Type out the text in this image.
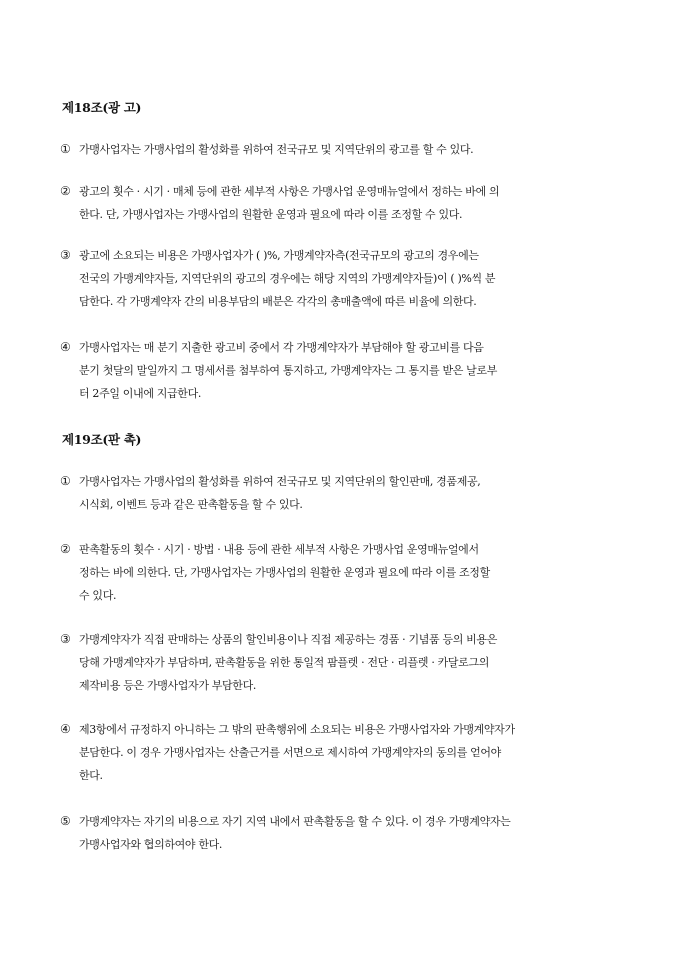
제18조(광 고)
① 가맹사업자는 가맹사업의 활성화를 위하여 전국규모 및 지역단위의 광고를 할 수 있다.
② 광고의 횟수 · 시기 · 매체 등에 관한 세부적 사항은 가맹사업 운영매뉴얼에서 정하는 바에 의
한다. 단, 가맹사업자는 가맹사업의 원활한 운영과 필요에 따라 이를 조정할 수 있다.
③ 광고에 소요되는 비용은 가맹사업자가 ( )%, 가맹계약자측(전국규모의 광고의 경우에는
전국의 가맹계약자들, 지역단위의 광고의 경우에는 해당 지역의 가맹계약자들)이 ( )%씩 분
담한다. 각 가맹계약자 간의 비용부담의 배분은 각각의 총매출액에 따른 비율에 의한다.
④ 가맹사업자는 매 분기 지출한 광고비 중에서 각 가맹계약자가 부담해야 할 광고비를 다음
분기 첫달의 말일까지 그 명세서를 첨부하여 통지하고, 가맹계약자는 그 통지를 받은 날로부
터 2주일 이내에 지급한다.
제19조(판 촉)
① 가맹사업자는 가맹사업의 활성화를 위하여 전국규모 및 지역단위의 할인판매, 경품제공,
시식회, 이벤트 등과 같은 판촉활동을 할 수 있다.
② 판촉활동의 횟수 · 시기 · 방법 · 내용 등에 관한 세부적 사항은 가맹사업 운영매뉴얼에서
정하는 바에 의한다. 단, 가맹사업자는 가맹사업의 원활한 운영과 필요에 따라 이를 조정할
수 있다.
③ 가맹계약자가 직접 판매하는 상품의 할인비용이나 직접 제공하는 경품 · 기념품 등의 비용은
당해 가맹계약자가 부담하며, 판촉활동을 위한 통일적 팜플렛 · 전단 · 리플렛 · 카달로그의
제작비용 등은 가맹사업자가 부담한다.
④ 제3항에서 규정하지 아니하는 그 밖의 판촉행위에 소요되는 비용은 가맹사업자와 가맹계약자가
분담한다. 이 경우 가맹사업자는 산출근거를 서면으로 제시하여 가맹계약자의 동의를 얻어야
한다.
⑤ 가맹계약자는 자기의 비용으로 자기 지역 내에서 판촉활동을 할 수 있다. 이 경우 가맹계약자는
가맹사업자와 협의하여야 한다.
